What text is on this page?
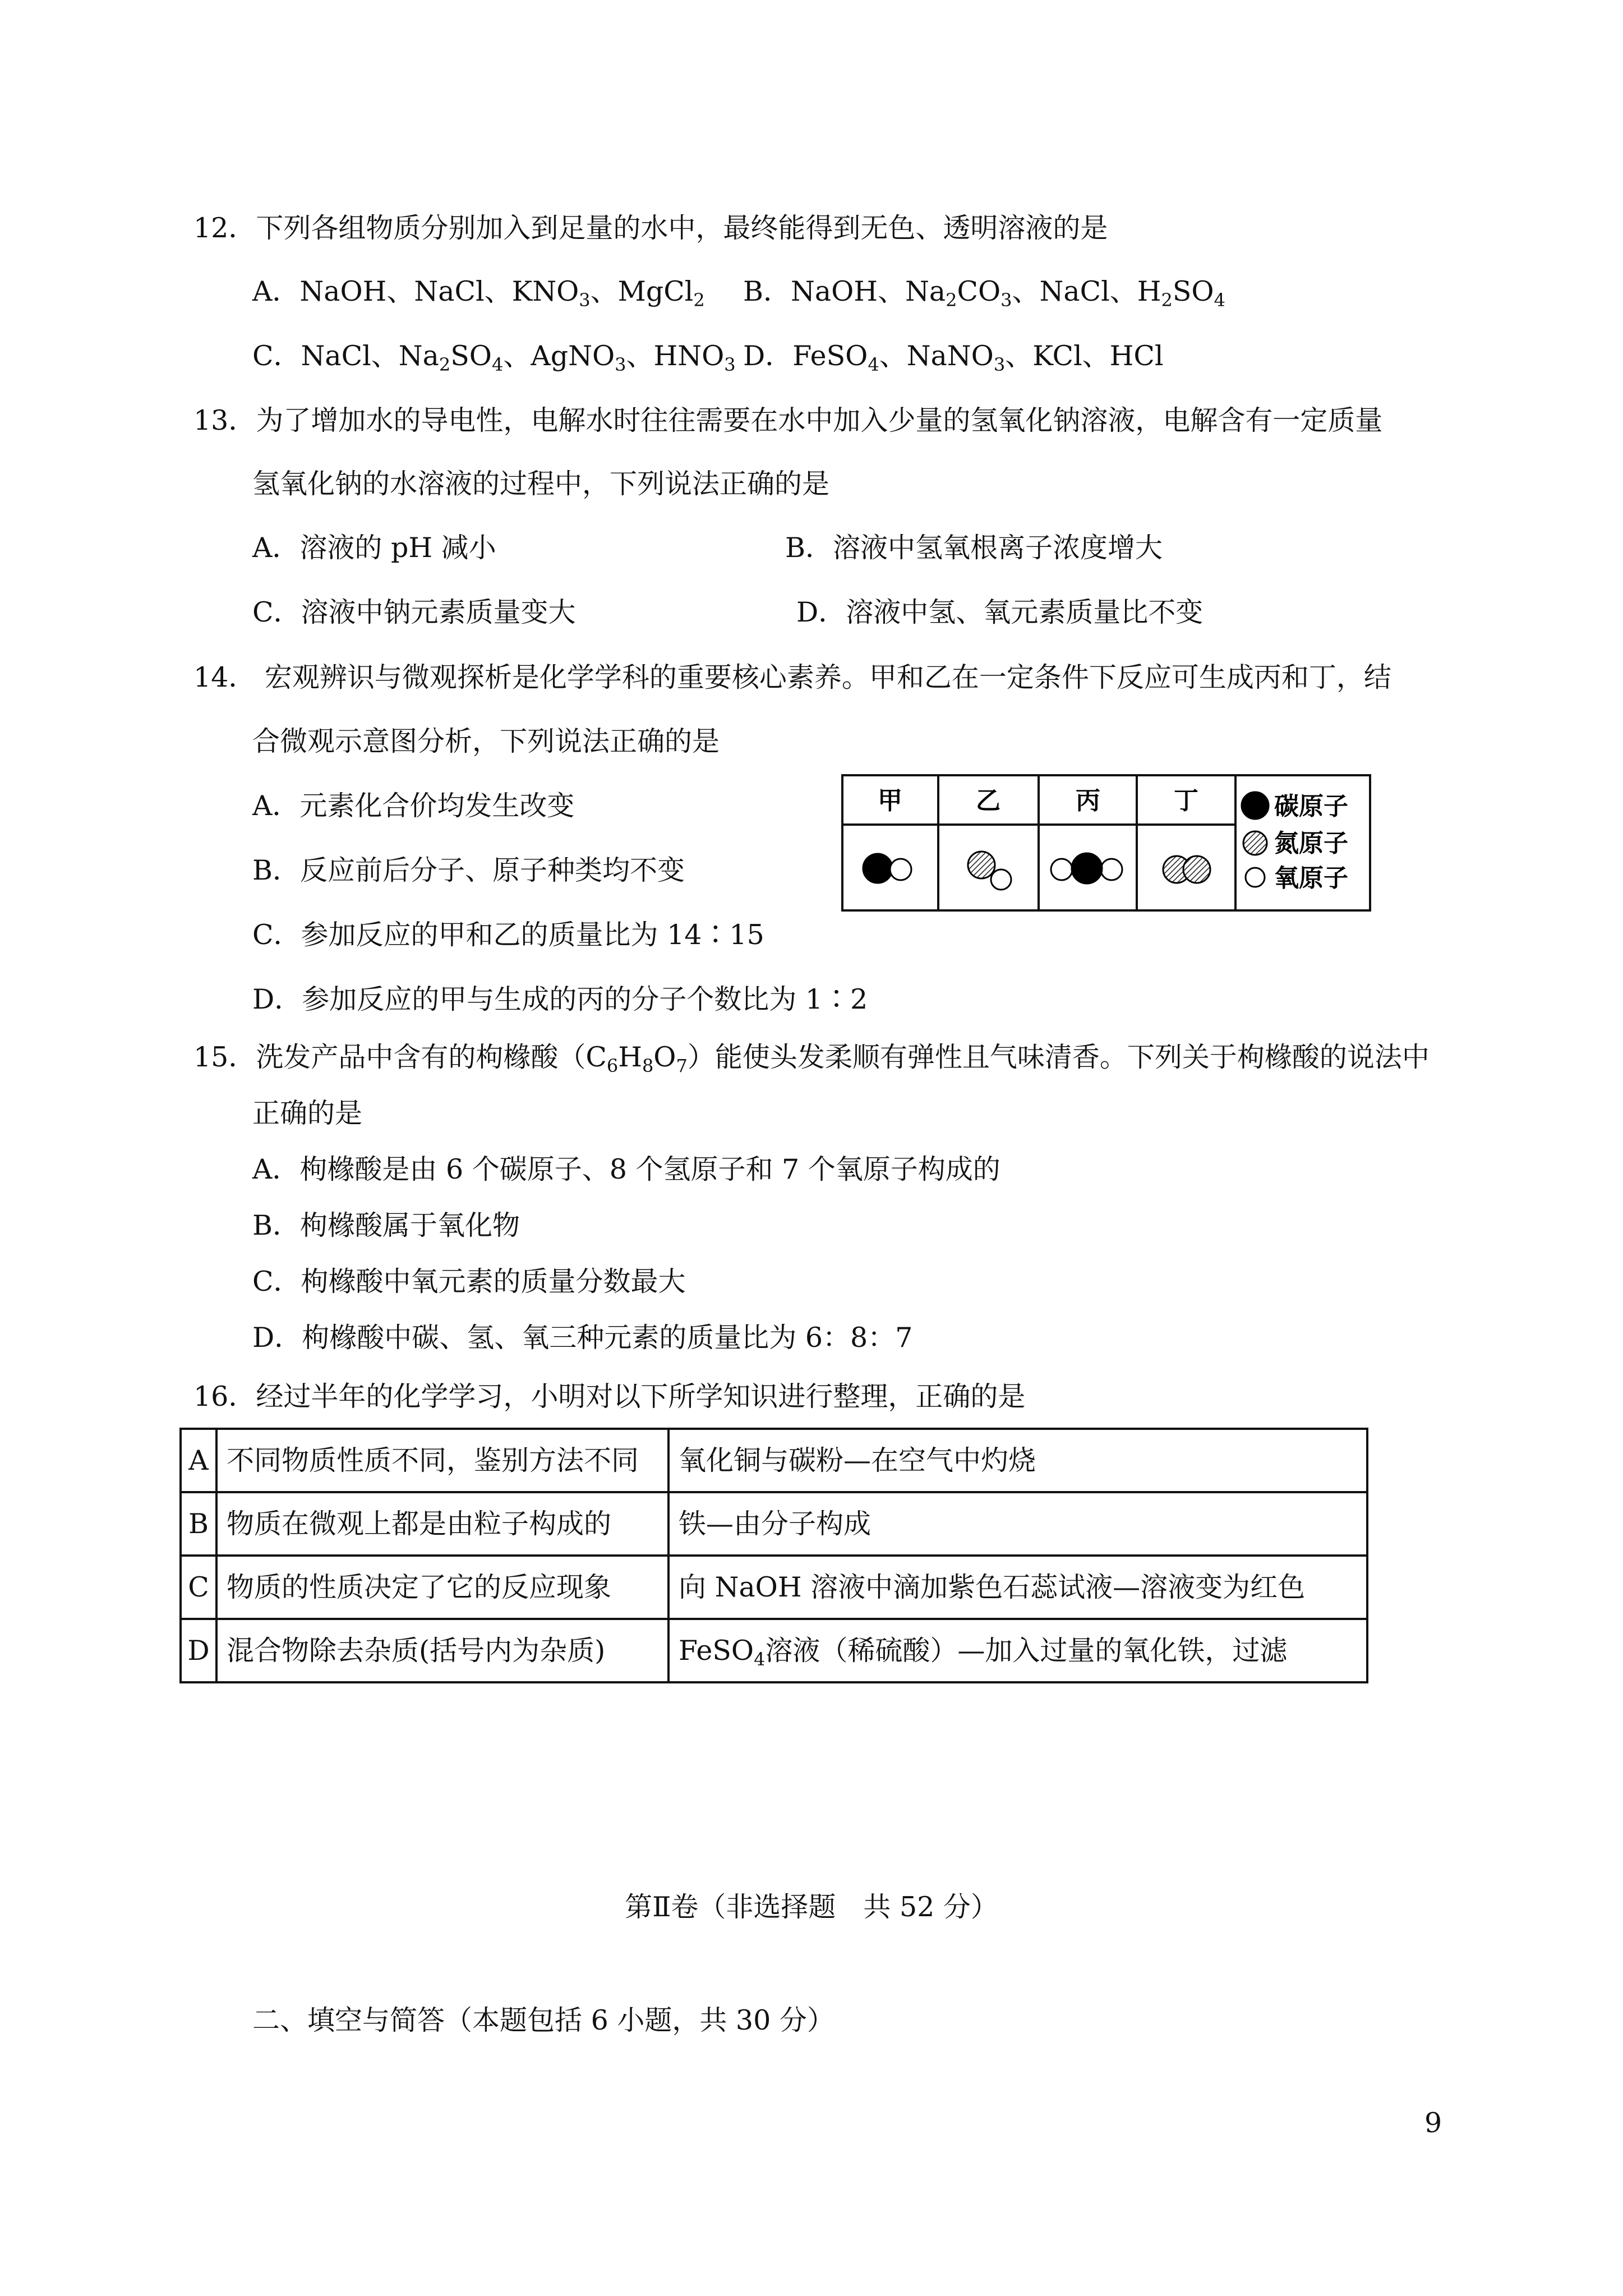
12．下列各组物质分别加入到足量的水中，最终能得到无色、透明溶液的是
A．NaOH、NaCl、$KNO_3$、MgCl$_2$ B．NaOH、$Na_2CO_3$、NaCl、$H_2SO_4$
C．NaCl、$Na_2SO_4$、AgNO$_3$、$HNO_3$ D．FeSO$_4$、NaNO$_3$、KCl、HCl
13．为了增加水的导电性，电解水时往往需要在水中加入少量的氢氧化钠溶液，电解含有一定质量
氢氧化钠的水溶液的过程中，下列说法正确的是
A．溶液的 pH 减小	B．溶液中氢氧根离子浓度增大
C．溶液中钠元素质量变大	D．溶液中氢、氧元素质量比不变
14． 宏观辨识与微观探析是化学学科的重要核心素养。甲和乙在一定条件下反应可生成丙和丁，结
合微观示意图分析，下列说法正确的是
A．元素化合价均发生改变
B．反应前后分子、原子种类均不变
C．参加反应的甲和乙的质量比为 14∶15
D．参加反应的甲与生成的丙的分子个数比为 1∶2
甲	乙	丙	丁	碳原子
氮原子
氧原子
15．洗发产品中含有的枸橼酸$(C_6H_8O_7)$能使头发柔顺有弹性且气味清香。下列关于枸橼酸的说法中
正确的是
A．枸橼酸是由 6 个碳原子、8 个氢原子和 7 个氧原子构成的
B．枸橼酸属于氧化物
C．枸橼酸中氧元素的质量分数最大
D．枸橼酸中碳、氢、氧三种元素的质量比为 6：8：7
16．经过半年的化学学习，小明对以下所学知识进行整理，正确的是
A	不同物质性质不同，鉴别方法不同	氧化铜与碳粉—在空气中灼烧
B	物质在微观上都是由粒子构成的	铁—由分子构成
C	物质的性质决定了它的反应现象	向 NaOH 溶液中滴加紫色石蕊试液—溶液变为红色
D	混合物除去杂质(括号内为杂质)	FeSO$_4$溶液（稀硫酸）—加入过量的氧化铁，过滤
第Ⅱ卷（非选择题　共 52 分）
二、填空与简答（本题包括 6 小题，共 30 分）
9
